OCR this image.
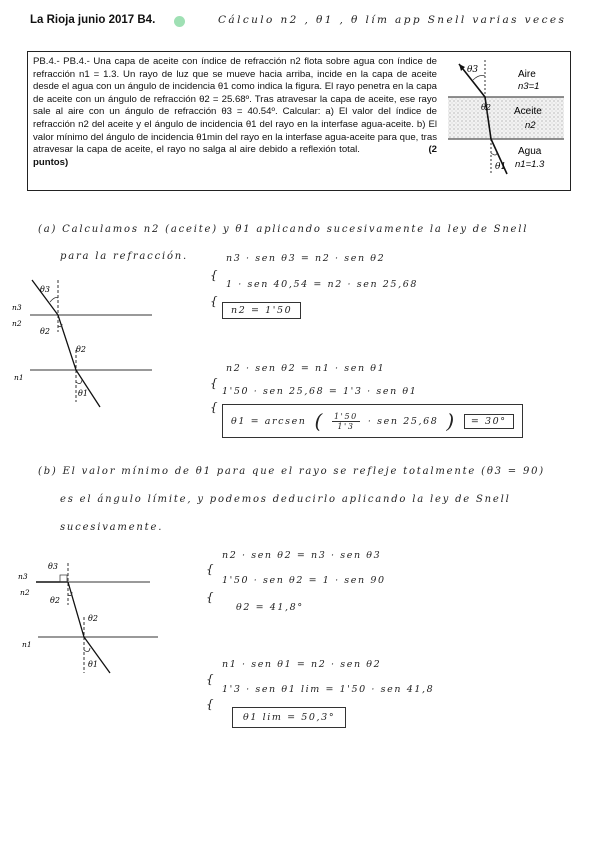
La Rioja junio 2017 B4.	Cálculo n2 , θ1 , θ lím app Snell varias veces
PB.4.- PB.4.- Una capa de aceite con índice de refracción n2 flota sobre agua con índice de refracción n1 = 1.3. Un rayo de luz que se mueve hacia arriba, incide en la capa de aceite desde el agua con un ángulo de incidencia θ1 como indica la figura. El rayo penetra en la capa de aceite con un ángulo de refracción θ2 = 25.68º. Tras atravesar la capa de aceite, ese rayo sale al aire con un ángulo de refracción θ3 = 40.54º. Calcular: a) El valor del índice de refracción n2 del aceite y el ángulo de incidencia θ1 del rayo en la interfase agua-aceite. b) El valor mínimo del ángulo de incidencia θ1min del rayo en la interfase agua-aceite para que, tras atravesar la capa de aceite, el rayo no salga al aire debido a reflexión total.	(2 puntos)
θ3
θ2
θ1
Aire
n3=1
Aceite
n2
Agua
n1=1.3
(a) Calculamos n2 (aceite) y θ1 aplicando sucesivamente la ley de Snell
para la refracción.
n3
n2
n1
θ3
θ2
θ2
θ1
n3 · sen θ3 = n2 · sen θ2
{
1 · sen 40,54 = n2 · sen 25,68
{
n2 = 1'50
n2 · sen θ2 = n1 · sen θ1
{
1'50 · sen 25,68 = 1'3 · sen θ1
{
θ1 = arcsen ( 1'50
1'3 · sen 25,68 )	= 30°
(b) El valor mínimo de θ1 para que el rayo se refleje totalmente (θ3 = 90)
es el ángulo límite, y podemos deducirlo aplicando la ley de Snell
sucesivamente.
n3
n2
n1
θ3
θ2
θ2
θ1
n2 · sen θ2 = n3 · sen θ3
{
1'50 · sen θ2 = 1 · sen 90
{
θ2 = 41,8°
n1 · sen θ1 = n2 · sen θ2
{
1'3 · sen θ1 lim = 1'50 · sen 41,8
{
θ1 lim = 50,3°
